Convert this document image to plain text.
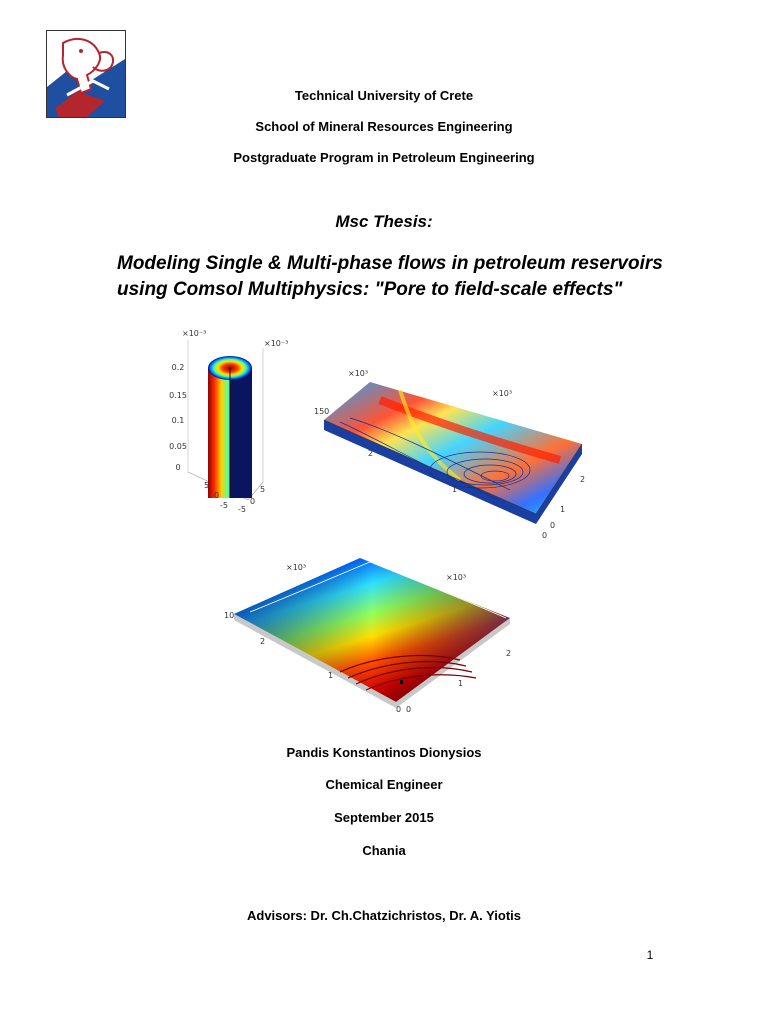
Technical University of Crete
School of Mineral Resources Engineering
Postgraduate Program in Petroleum Engineering
Msc Thesis:
Modeling Single & Multi-phase flows in petroleum reservoirs
using Comsol Multiphysics: "Pore to field-scale effects"
0.2
0.15
0.1
0.05
0
×10⁻³
×10⁻³
5
0
-5 -5
0
5
×10³
×10³
150
2
1
2
1
0
0
×10³
×10³
10
2
1
0
2
1
0
Pandis Konstantinos Dionysios
Chemical Engineer
September 2015
Chania
Advisors: Dr. Ch.Chatzichristos, Dr. A. Yiotis
1
